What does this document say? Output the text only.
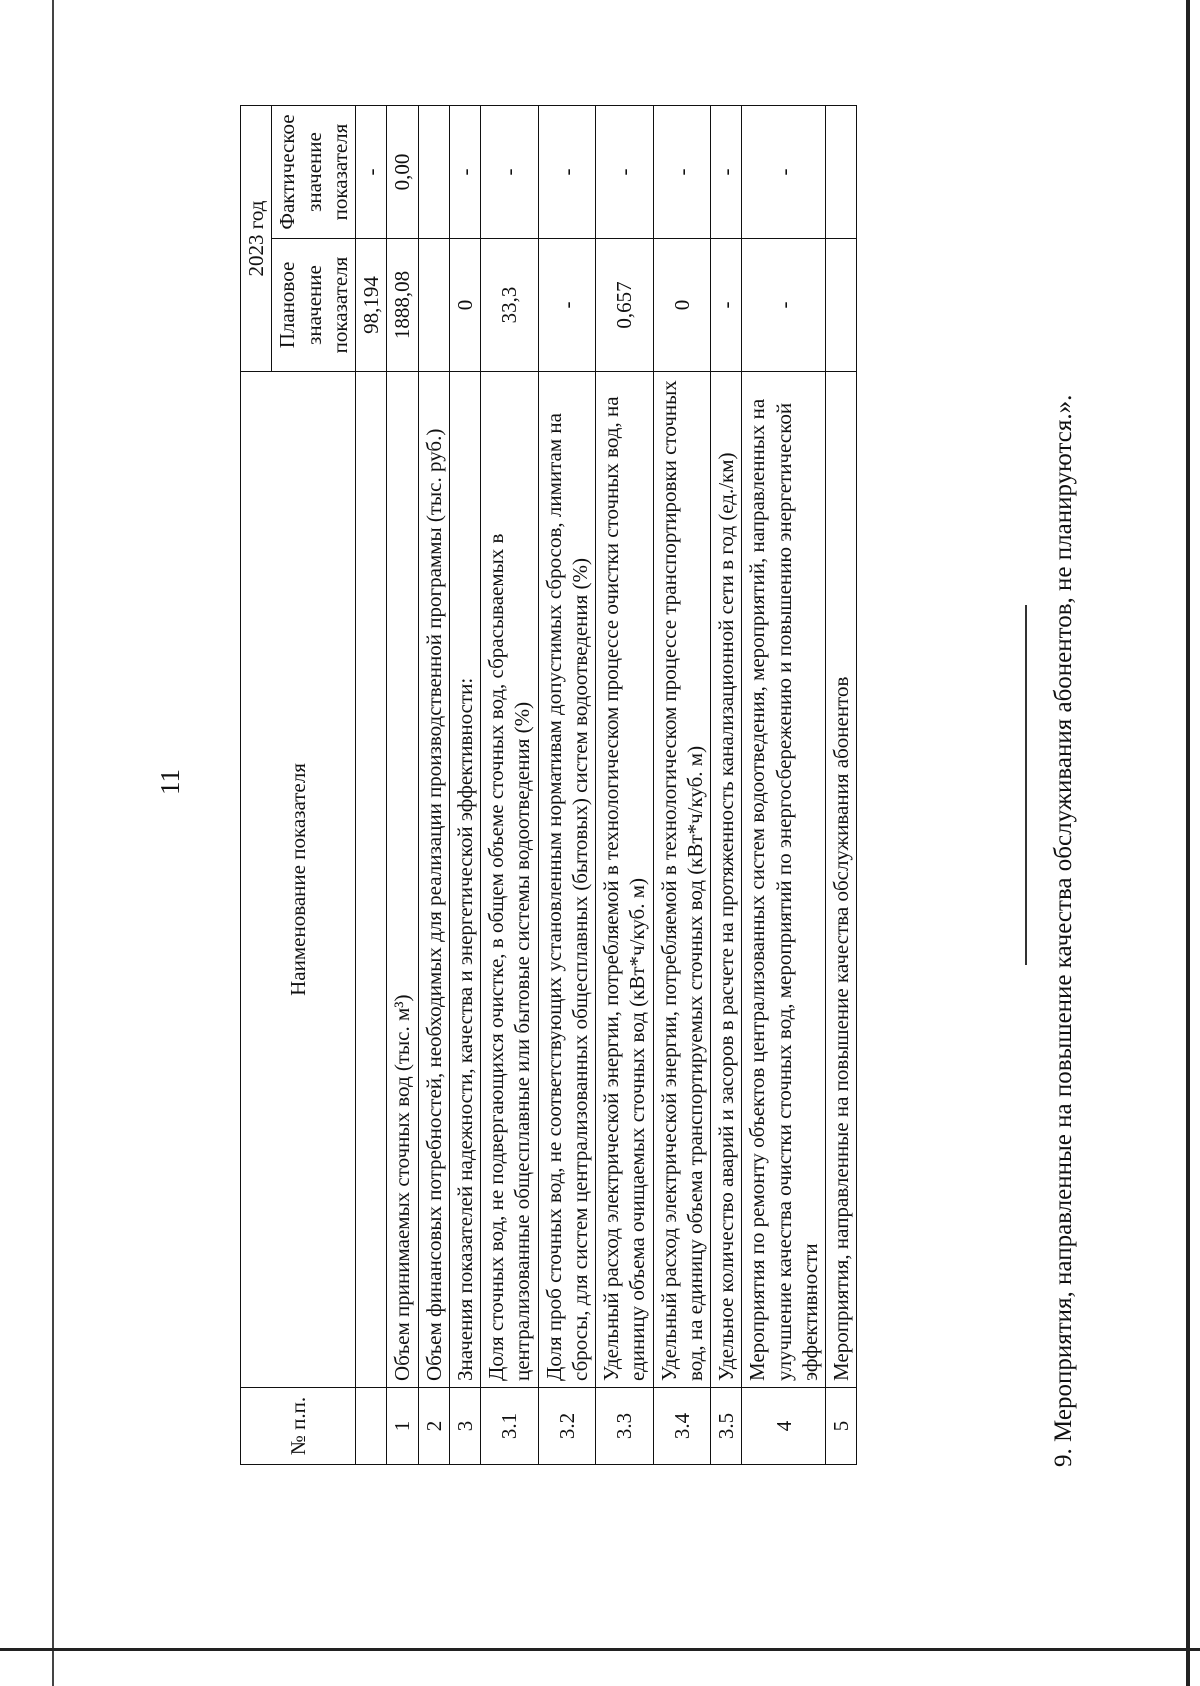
11
№ п.п.	Наименование показателя	2023 год	
		Плановое значение показателя	Фактическое значение показателя
		98,194	-
1	Объем принимаемых сточных вод (тыс. м³)	1888,08	0,00
2	Объем финансовых потребностей, необходимых для реализации производственной программы (тыс. руб.)		
3	Значения показателей надежности, качества и энергетической эффективности:	0	-
3.1	Доля сточных вод, не подвергающихся очистке, в общем объеме сточных вод, сбрасываемых в централизованные общесплавные или бытовые системы водоотведения (%)	33,3	-
3.2	Доля проб сточных вод, не соответствующих установленным нормативам допустимых сбросов, лимитам на сбросы, для систем централизованных общесплавных (бытовых) систем водоотведения (%)	-	-
3.3	Удельный расход электрической энергии, потребляемой в технологическом процессе очистки сточных вод, на единицу объема очищаемых сточных вод (кВт*ч/куб. м)	0,657	-
3.4	Удельный расход электрической энергии, потребляемой в технологическом процессе транспортировки сточных вод, на единицу объема транспортируемых сточных вод (кВт*ч/куб. м)	0	-
3.5	Удельное количество аварий и засоров в расчете на протяженность канализационной сети в год (ед./км)	-	-
4	Мероприятия по ремонту объектов централизованных систем водоотведения, мероприятий, направленных на улучшение качества очистки сточных вод, мероприятий по энергосбережению и повышению энергетической эффективности	-	-
5	Мероприятия, направленные на повышение качества обслуживания абонентов			9. Мероприятия, направленные на повышение качества обслуживания абонентов, не планируются.».
